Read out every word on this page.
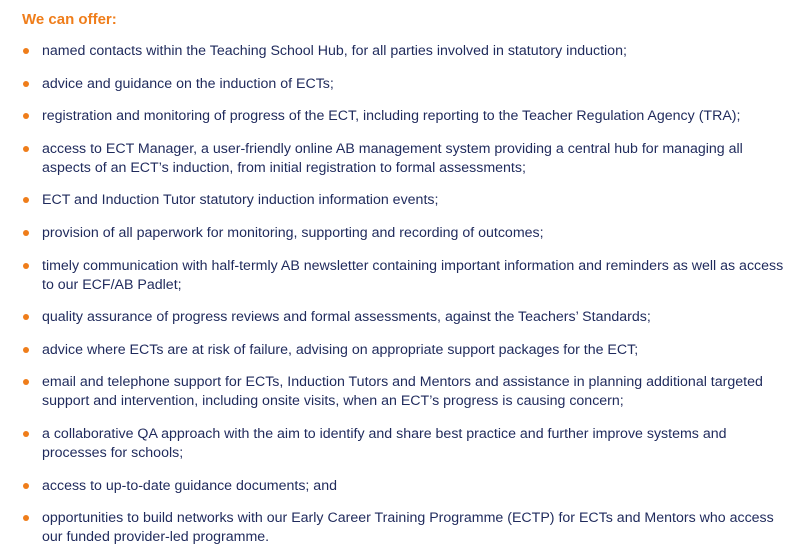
We can offer:
named contacts within the Teaching School Hub, for all parties involved in statutory induction;
advice and guidance on the induction of ECTs;
registration and monitoring of progress of the ECT, including reporting to the Teacher Regulation Agency (TRA);
access to ECT Manager, a user-friendly online AB management system providing a central hub for managing all aspects of an ECT’s induction, from initial registration to formal assessments;
ECT and Induction Tutor statutory induction information events;
provision of all paperwork for monitoring, supporting and recording of outcomes;
timely communication with half-termly AB newsletter containing important information and reminders as well as access to our ECF/AB Padlet;
quality assurance of progress reviews and formal assessments, against the Teachers’ Standards;
advice where ECTs are at risk of failure, advising on appropriate support packages for the ECT;
email and telephone support for ECTs, Induction Tutors and Mentors and assistance in planning additional targeted support and intervention, including onsite visits, when an ECT’s progress is causing concern;
a collaborative QA approach with the aim to identify and share best practice and further improve systems and processes for schools;
access to up-to-date guidance documents; and
opportunities to build networks with our Early Career Training Programme (ECTP) for ECTs and Mentors who access our funded provider-led programme.
